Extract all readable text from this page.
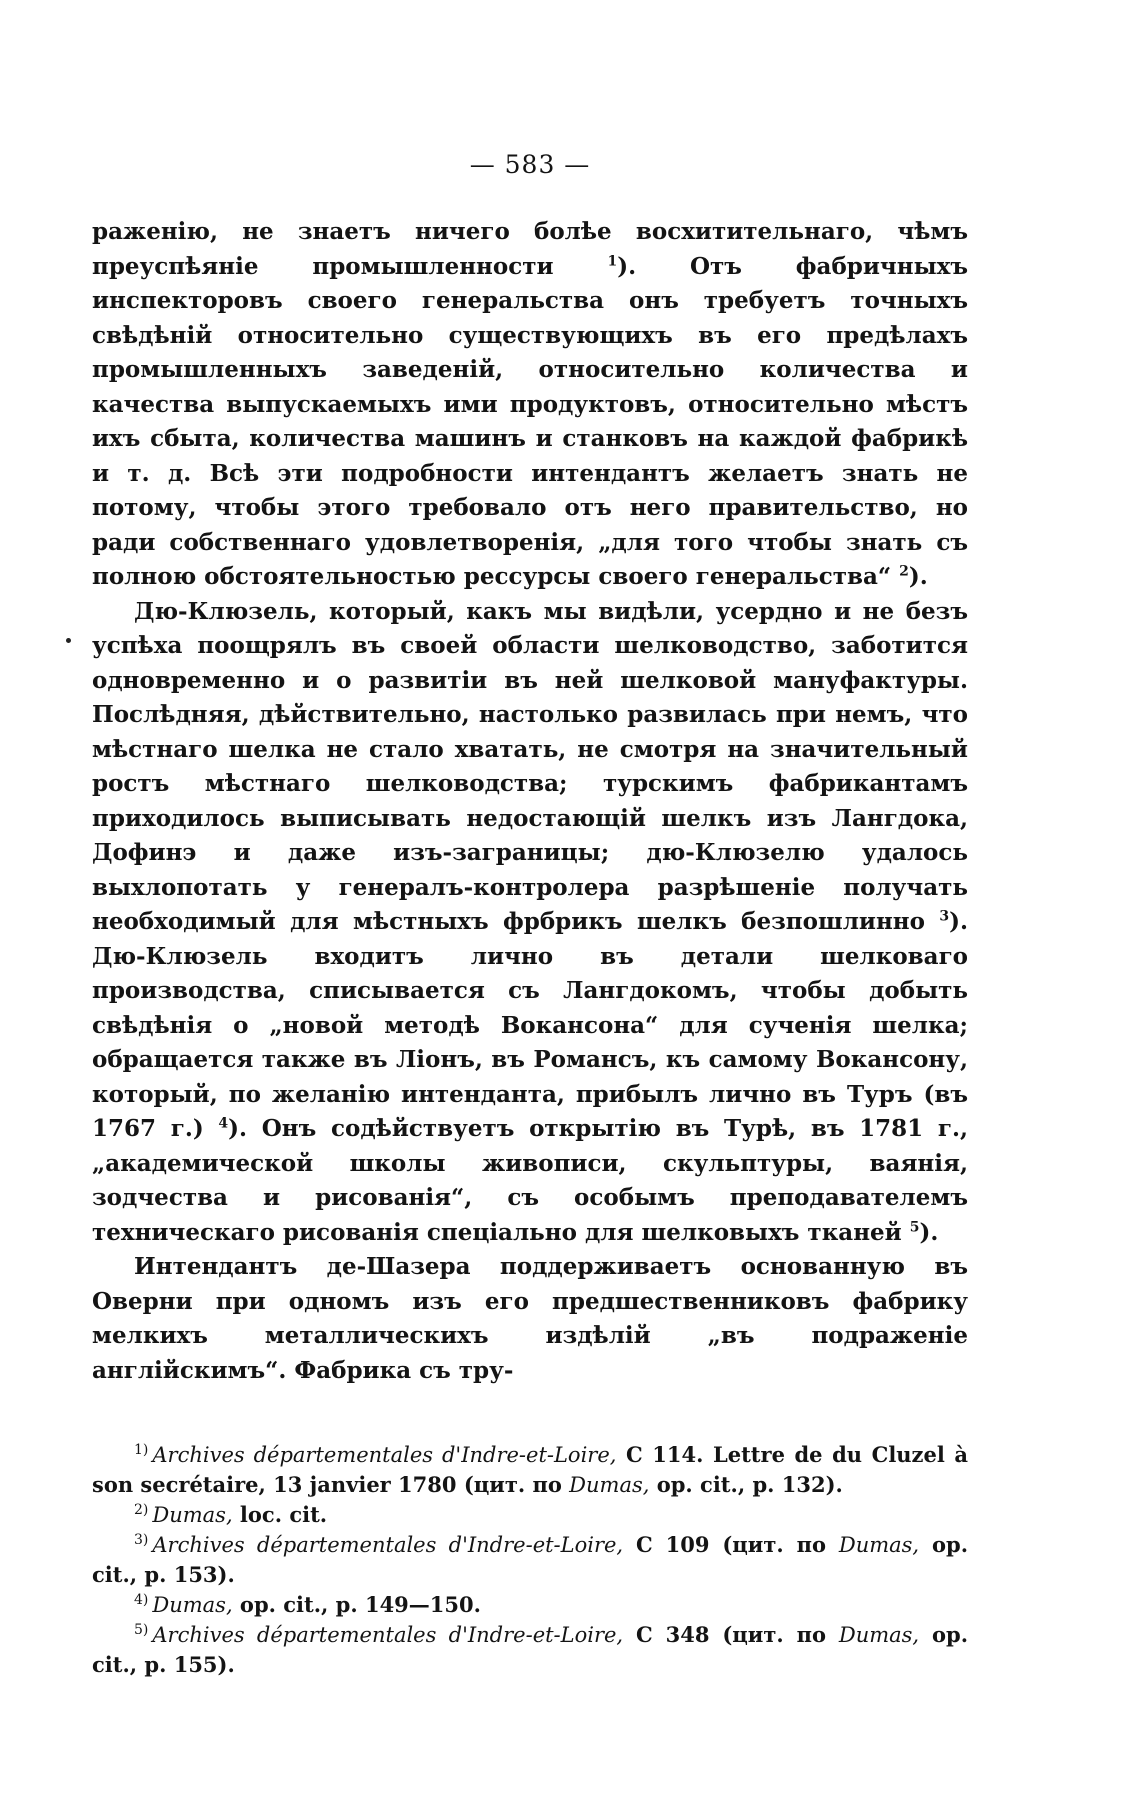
— 583 —

раженію, не знаетъ ничего болѣе восхитительнаго, чѣмъ преуспѣяніе промышленности $^1$). Отъ фабричныхъ инспекторовъ своего генеральства онъ требуетъ точныхъ свѣдѣній относительно существующихъ въ его предѣлахъ промышленныхъ заведеній, относительно количества и качества выпускаемыхъ ими продуктовъ, относительно мѣстъ ихъ сбыта, количества машинъ и станковъ на каждой фабрикѣ и т. д. Всѣ эти подробности интендантъ желаетъ знать не потому, чтобы этого требовало отъ него правительство, но ради собственнаго удовлетворенія, „для того чтобы знать съ полною обстоятельностью рессурсы своего генеральства“ $^2$).

Дю-Клюзель, который, какъ мы видѣли, усердно и не безъ успѣха поощрялъ въ своей области шелководство, заботится одновременно и о развитіи въ ней шелковой мануфактуры. Послѣдняя, дѣйствительно, настолько развилась при немъ, что мѣстнаго шелка не стало хватать, не смотря на значительный ростъ мѣстнаго шелководства; турскимъ фабрикантамъ приходилось выписывать недостающій шелкъ изъ Лангдока, Дофинэ и даже изъ-заграницы; дю-Клюзелю удалось выхлопотать у генералъ-контролера разрѣшеніе получать необходимый для мѣстныхъ фрбрикъ шелкъ безпошлинно $^3$). Дю-Клюзель входитъ лично въ детали шелковаго производства, списывается съ Лангдокомъ, чтобы добыть свѣдѣнія о „новой методѣ Вокансона“ для сученія шелка; обращается также въ Ліонъ, въ Романсъ, къ самому Вокансону, который, по желанію интенданта, прибылъ лично въ Туръ (въ 1767 г.) $^4$). Онъ содѣйствуетъ открытію въ Турѣ, въ 1781 г., „академической школы живописи, скульптуры, ваянія, зодчества и рисованія“, съ особымъ преподавателемъ техническаго рисованія спеціально для шелковыхъ тканей $^5$).

Интендантъ де-Шазера поддерживаетъ основанную въ Оверни при одномъ изъ его предшественниковъ фабрику мелкихъ металлическихъ издѣлій „въ подраженіе англійскимъ“. Фабрика съ тру-

$^{1)}$ Archives départementales d'Indre-et-Loire, C 114. Lettre de du Cluzel à son secrétaire, 13 janvier 1780 (цит. по Dumas, op. cit., p. 132).

$^{2)}$ Dumas, loc. cit.

$^{3)}$ Archives départementales d'Indre-et-Loire, C 109 (цит. по Dumas, op. cit., p. 153).

$^{4)}$ Dumas, op. cit., p. 149—150.

$^{5)}$ Archives départementales d'Indre-et-Loire, C 348 (цит. по Dumas, op. cit., p. 155).
